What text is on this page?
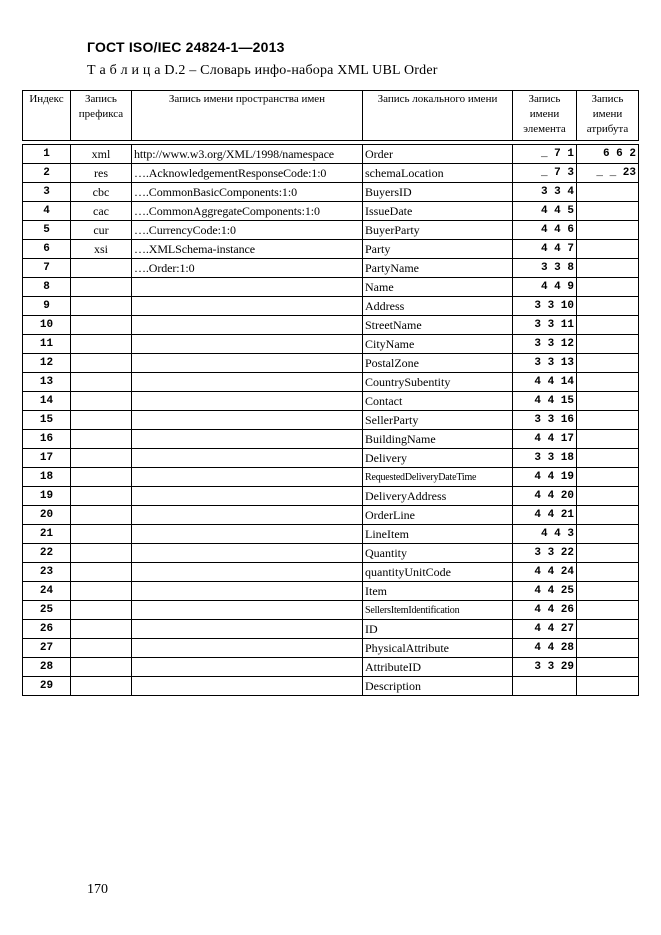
ГОСТ ISO/IEC 24824-1—2013
Т а б л и ц а D.2 – Словарь инфо-набора XML UBL Order
Индекс	Запись префикса	Запись имени пространства имен	Запись локального имени	Запись имени элемента	Запись имени атрибута

1	xml	http://www.w3.org/XML/1998/namespace	Order	_ 7 1	6 6 2
2	res	….AcknowledgementResponseCode:1:0	schemaLocation	_ 7 3	_ _ 23
3	cbc	….CommonBasicComponents:1:0	BuyersID	3 3 4	
4	cac	….CommonAggregateComponents:1:0	IssueDate	4 4 5	
5	cur	….CurrencyCode:1:0	BuyerParty	4 4 6	
6	xsi	….XMLSchema-instance	Party	4 4 7	
7		….Order:1:0	PartyName	3 3 8	
8			Name	4 4 9	
9			Address	3 3 10	
10			StreetName	3 3 11	
11			CityName	3 3 12	
12			PostalZone	3 3 13	
13			CountrySubentity	4 4 14	
14			Contact	4 4 15	
15			SellerParty	3 3 16	
16			BuildingName	4 4 17	
17			Delivery	3 3 18	
18			RequestedDeliveryDateTime	4 4 19	
19			DeliveryAddress	4 4 20	
20			OrderLine	4 4 21	
21			LineItem	4 4 3	
22			Quantity	3 3 22	
23			quantityUnitCode	4 4 24	
24			Item	4 4 25	
25			SellersItemIdentification	4 4 26	
26			ID	4 4 27	
27			PhysicalAttribute	4 4 28	
28			AttributeID	3 3 29	
29			Description		
170
